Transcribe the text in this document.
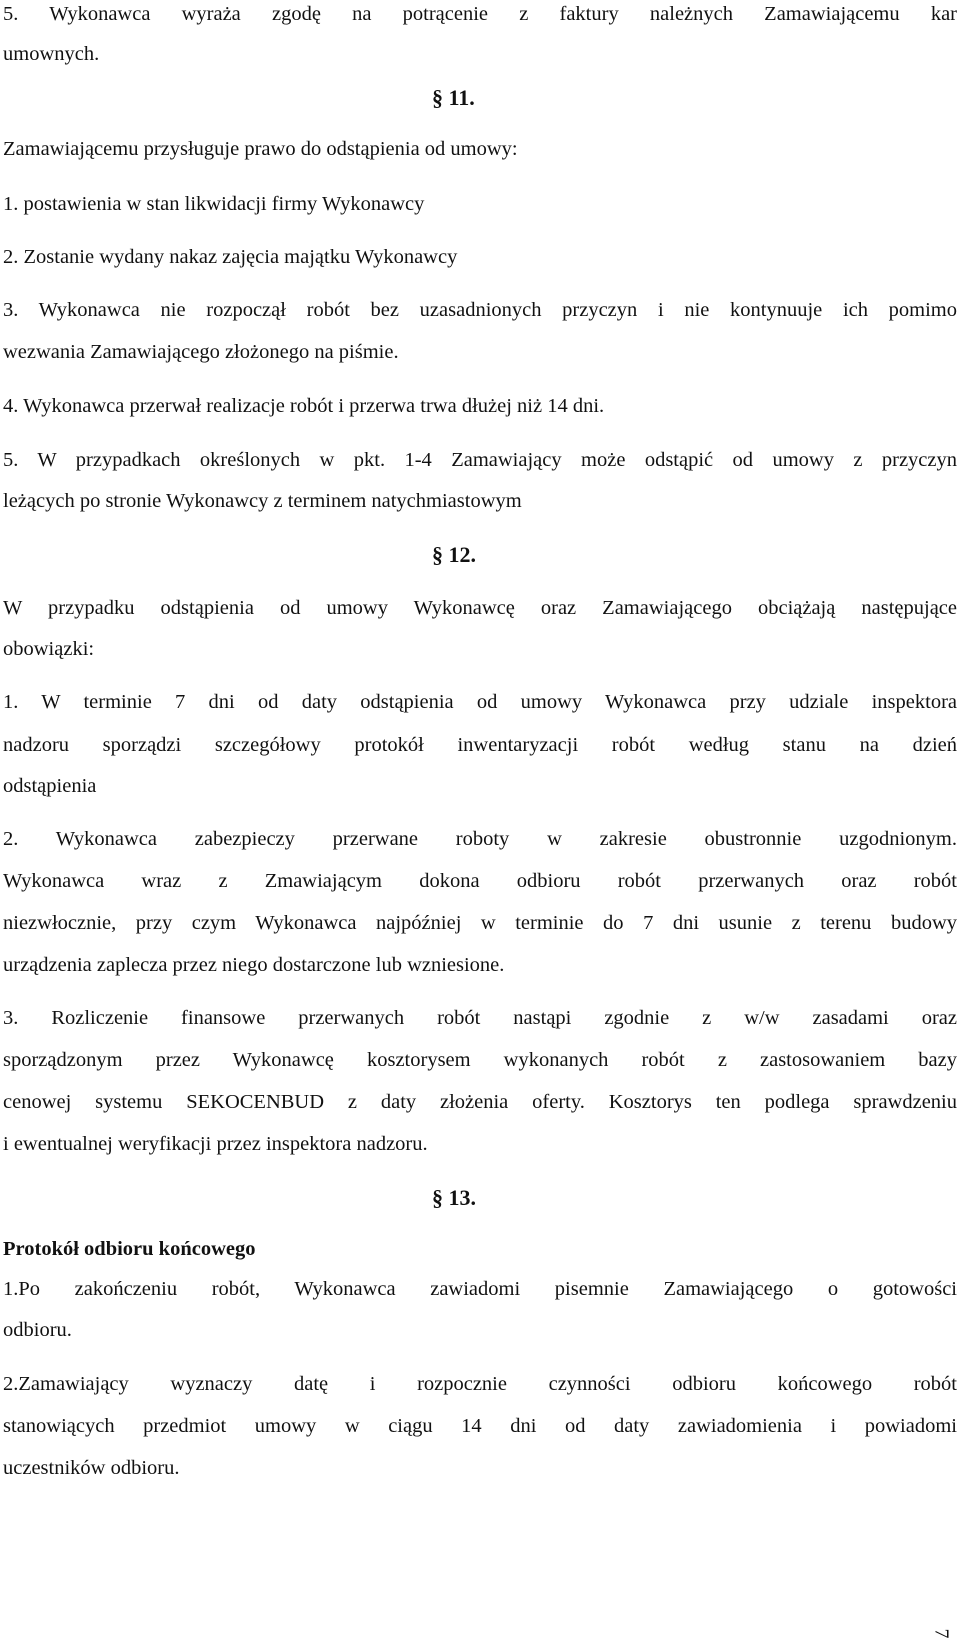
5. Wykonawca wyraża zgodę na potrącenie z faktury należnych Zamawiającemu kar
umownych.
§ 11.
Zamawiającemu przysługuje prawo do odstąpienia od umowy:
1. postawienia w stan likwidacji firmy Wykonawcy
2. Zostanie wydany nakaz zajęcia majątku Wykonawcy
3. Wykonawca nie rozpoczął robót bez uzasadnionych przyczyn i nie kontynuuje ich pomimo
wezwania Zamawiającego złożonego na piśmie.
4. Wykonawca przerwał realizacje robót i przerwa trwa dłużej niż 14 dni.
5. W przypadkach określonych w pkt. 1-4 Zamawiający może odstąpić od umowy z przyczyn
leżących po stronie Wykonawcy z terminem natychmiastowym
§ 12.
W przypadku odstąpienia od umowy Wykonawcę oraz Zamawiającego obciążają następujące
obowiązki:
1. W terminie 7 dni od daty odstąpienia od umowy Wykonawca przy udziale inspektora
nadzoru sporządzi szczegółowy protokół inwentaryzacji robót według stanu na dzień
odstąpienia
2. Wykonawca zabezpieczy przerwane roboty w zakresie obustronnie uzgodnionym.
Wykonawca wraz z Zmawiającym dokona odbioru robót przerwanych oraz robót
niezwłocznie, przy czym Wykonawca najpóźniej w terminie do 7 dni usunie z terenu budowy
urządzenia zaplecza przez niego dostarczone lub wzniesione.
3. Rozliczenie finansowe przerwanych robót nastąpi zgodnie z w/w zasadami oraz
sporządzonym przez Wykonawcę kosztorysem wykonanych robót z zastosowaniem bazy
cenowej systemu SEKOCENBUD z daty złożenia oferty. Kosztorys ten podlega sprawdzeniu
i ewentualnej weryfikacji przez inspektora nadzoru.
§ 13.
Protokół odbioru końcowego
1.Po zakończeniu robót, Wykonawca zawiadomi pisemnie Zamawiającego o gotowości
odbioru.
2.Zamawiający wyznaczy datę i rozpocznie czynności odbioru końcowego robót
stanowiących przedmiot umowy w ciągu 14 dni od daty zawiadomienia i powiadomi
uczestników odbioru.
7
